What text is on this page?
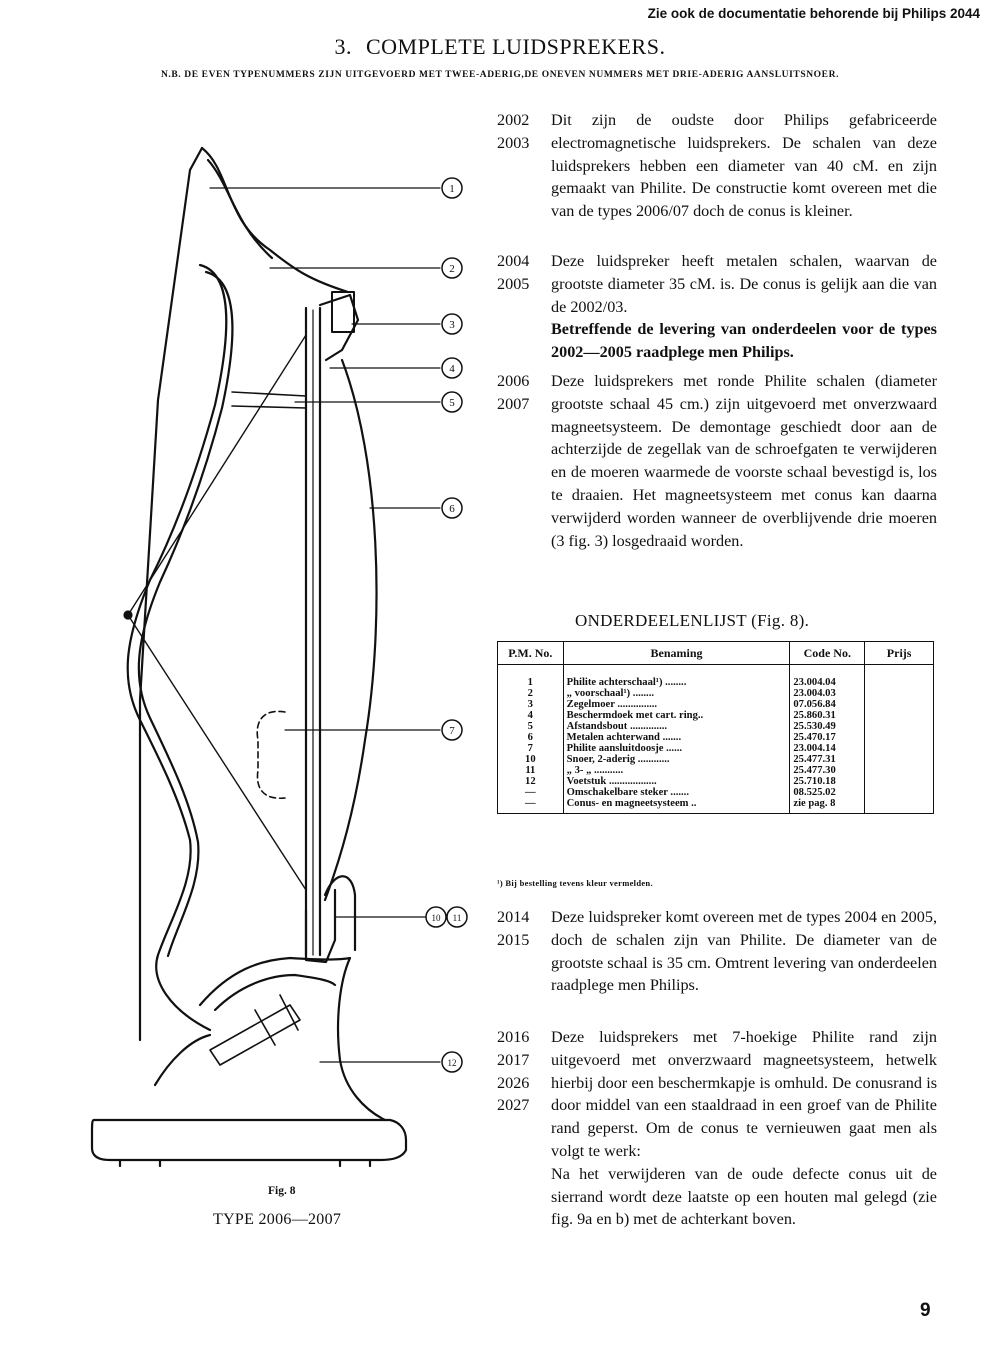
Zie ook de documentatie behorende bij Philips 2044
3. COMPLETE LUIDSPREKERS.
N.B. DE EVEN TYPENUMMERS ZIJN UITGEVOERD MET TWEE-ADERIG,DE ONEVEN NUMMERS MET DRIE-ADERIG AANSLUITSNOER.
1
2
3
4
5
6
7
10 11
12
Fig. 8
TYPE 2006—2007
2002
2003

Dit zijn de oudste door Philips gefabriceerde electromagnetische luidsprekers. De schalen van deze luidsprekers hebben een diameter van 40 cM. en zijn gemaakt van Philite. De constructie komt overeen met die van de types 2006/07 doch de conus is kleiner.

2004
2005

Deze luidspreker heeft metalen schalen, waarvan de grootste diameter 35 cM. is. De conus is gelijk aan die van de 2002/03.

Betreffende de levering van onderdeelen voor de types 2002—2005 raadplege men Philips.

2006
2007

Deze luidsprekers met ronde Philite schalen (diameter grootste schaal 45 cm.) zijn uitgevoerd met onverzwaard magneetsysteem. De demontage geschiedt door aan de achterzijde de zegellak van de schroefgaten te verwijderen en de moeren waarmede de voorste schaal bevestigd is, los te draaien. Het magneetsysteem met conus kan daarna verwijderd worden wanneer de overblijvende drie moeren (3 fig. 3) losgedraaid worden.

ONDERDEELENLIJST (Fig. 8).
P.M. No.	Benaming	Code No.	Prijs
1	Philite achterschaal¹) ........	23.004.04	
2	„ voorschaal¹) ........	23.004.03	
3	Zegelmoer ...............	07.056.84	
4	Beschermdoek met cart. ring..	25.860.31	
5	Afstandsbout ..............	25.530.49	
6	Metalen achterwand .......	25.470.17	
7	Philite aansluitdoosje ......	23.004.14	
10	Snoer, 2-aderig ............	25.477.31	
11	„ 3- „ ...........	25.477.30	
12	Voetstuk ..................	25.710.18	
—	Omschakelbare steker .......	08.525.02	
—	Conus- en magneetsysteem ..	zie pag. 8	
¹) Bij bestelling tevens kleur vermelden.
2014
2015

Deze luidspreker komt overeen met de types 2004 en 2005, doch de schalen zijn van Philite. De diameter van de grootste schaal is 35 cm. Omtrent levering van onderdeelen raadplege men Philips.

2016
2017
2026
2027

Deze luidsprekers met 7-hoekige Philite rand zijn uitgevoerd met onverzwaard magneetsysteem, hetwelk hierbij door een beschermkapje is omhuld. De conusrand is door middel van een staaldraad in een groef van de Philite rand geperst. Om de conus te vernieuwen gaat men als volgt te werk:

Na het verwijderen van de oude defecte conus uit de sierrand wordt deze laatste op een houten mal gelegd (zie fig. 9a en b) met de achterkant boven.

9
